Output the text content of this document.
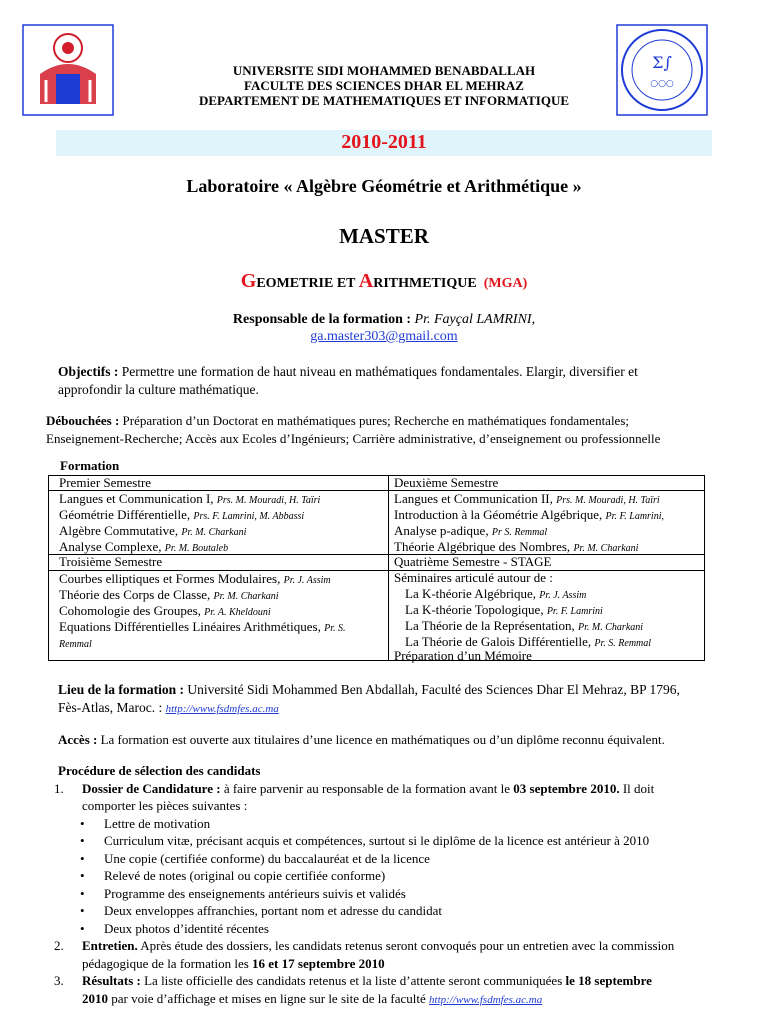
Σ∫
○○○
UNIVERSITE SIDI MOHAMMED BENABDALLAH
FACULTE DES SCIENCES DHAR EL MEHRAZ
DEPARTEMENT DE MATHEMATIQUES ET INFORMATIQUE
2010-2011
Laboratoire « Algèbre Géométrie et Arithmétique »
MASTER
GEOMETRIE ET ARITHMETIQUE (MGA)
Responsable de la formation : Pr. Fayçal LAMRINI,
ga.master303@gmail.com
Objectifs : Permettre une formation de haut niveau en mathématiques fondamentales. Elargir, diversifier et
approfondir la culture mathématique.
Débouchées : Préparation d’un Doctorat en mathématiques pures; Recherche en mathématiques fondamentales;
Enseignement-Recherche; Accès aux Ecoles d’Ingénieurs; Carrière administrative, d’enseignement ou professionnelle
Formation
Premier Semestre
Langues et Communication I, Prs. M. Mouradi, H. Taïri
Géométrie Différentielle, Prs. F. Lamrini, M. Abbassi
Algèbre Commutative, Pr. M. Charkani
Analyse Complexe, Pr. M. Boutaleb
Deuxième Semestre
Langues et Communication II, Prs. M. Mouradi, H. Taïri
Introduction à la Géométrie Algébrique, Pr. F. Lamrini,
Analyse p-adique, Pr S. Remmal
Théorie Algébrique des Nombres, Pr. M. Charkani
Troisième Semestre
Courbes elliptiques et Formes Modulaires, Pr. J. Assim
Théorie des Corps de Classe, Pr. M. Charkani
Cohomologie des Groupes, Pr. A. Kheldouni
Equations Différentielles Linéaires Arithmétiques, Pr. S.
Remmal
Quatrième Semestre - STAGE
Séminaires articulé autour de :
La K-théorie Algébrique, Pr. J. Assim
La K-théorie Topologique, Pr. F. Lamrini
La Théorie de la Représentation, Pr. M. Charkani
La Théorie de Galois Différentielle, Pr. S. Remmal
Préparation d’un Mémoire
Lieu de la formation : Université Sidi Mohammed Ben Abdallah, Faculté des Sciences Dhar El Mehraz, BP 1796,
Fès-Atlas, Maroc. : http://www.fsdmfes.ac.ma
Accès : La formation est ouverte aux titulaires d’une licence en mathématiques ou d’un diplôme reconnu équivalent.
Procédure de sélection des candidats
1. Dossier de Candidature : à faire parvenir au responsable de la formation avant le 03 septembre 2010. Il doit
comporter les pièces suivantes :
• Lettre de motivation
• Curriculum vitæ, précisant acquis et compétences, surtout si le diplôme de la licence est antérieur à 2010
• Une copie (certifiée conforme) du baccalauréat et de la licence
• Relevé de notes (original ou copie certifiée conforme)
• Programme des enseignements antérieurs suivis et validés
• Deux enveloppes affranchies, portant nom et adresse du candidat
• Deux photos d’identité récentes
2. Entretien. Après étude des dossiers, les candidats retenus seront convoqués pour un entretien avec la commission
pédagogique de la formation les 16 et 17 septembre 2010
3. Résultats : La liste officielle des candidats retenus et la liste d’attente seront communiquées le 18 septembre
2010 par voie d’affichage et mises en ligne sur le site de la faculté http://www.fsdmfes.ac.ma
